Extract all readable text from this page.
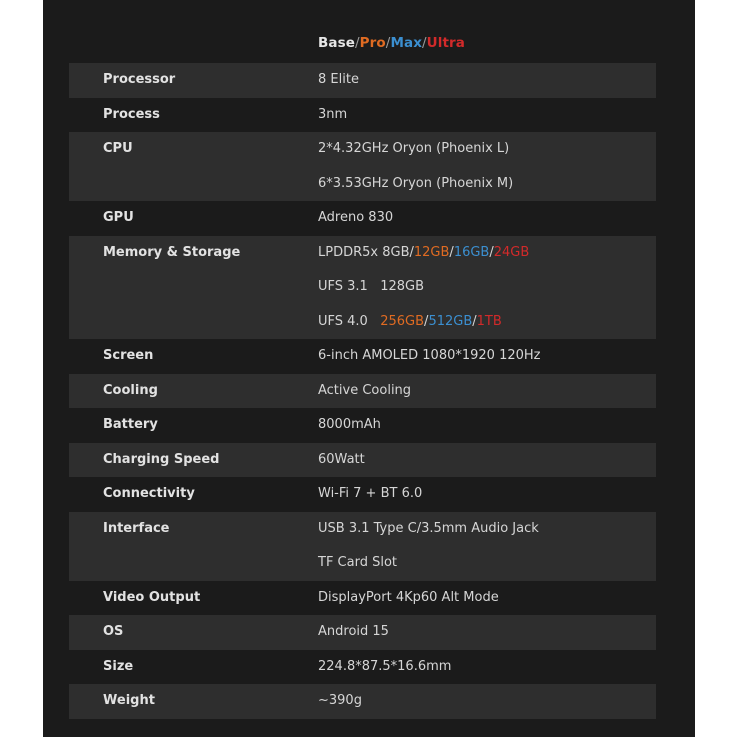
Base/Pro/Max/Ultra
Processor	8 Elite
Process	3nm
CPU	2*4.32GHz Oryon (Phoenix L)
6*3.53GHz Oryon (Phoenix M)
GPU	Adreno 830
Memory & Storage	LPDDR5x 8GB/12GB/16GB/24GB
UFS 3.1   128GB
UFS 4.0   256GB/512GB/1TB
Screen	6-inch AMOLED 1080*1920 120Hz
Cooling	Active Cooling
Battery	8000mAh
Charging Speed	60Watt
Connectivity	Wi-Fi 7 + BT 6.0
Interface	USB 3.1 Type C/3.5mm Audio Jack
TF Card Slot
Video Output	DisplayPort 4Kp60 Alt Mode
OS	Android 15
Size	224.8*87.5*16.6mm
Weight	~390g
